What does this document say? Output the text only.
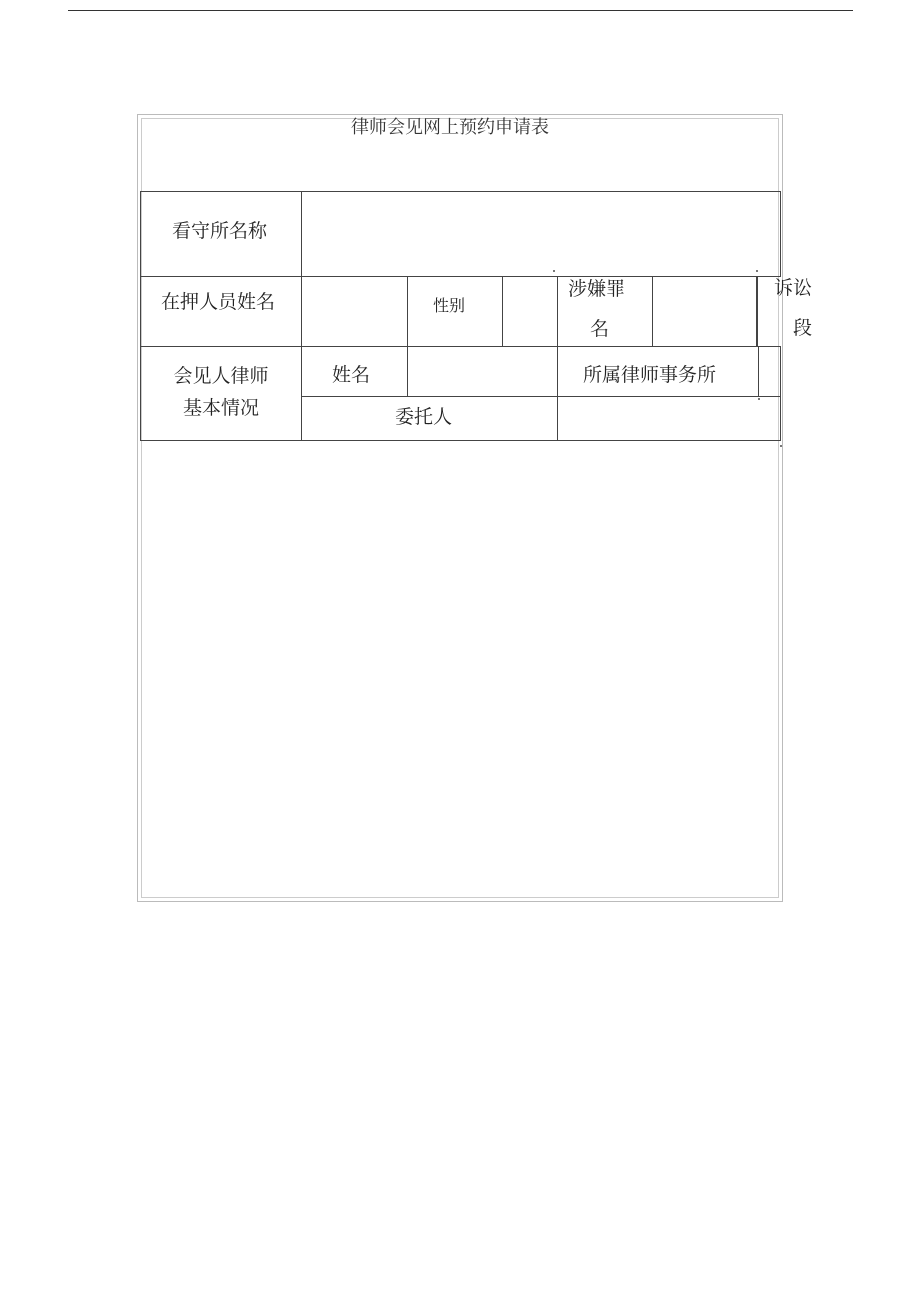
律师会见网上预约申请表
看守所名称
在押人员姓名	性别
涉嫌罪
名
诉讼
段
会见人律师
基本情况
姓名	所属律师事务所
委托人
